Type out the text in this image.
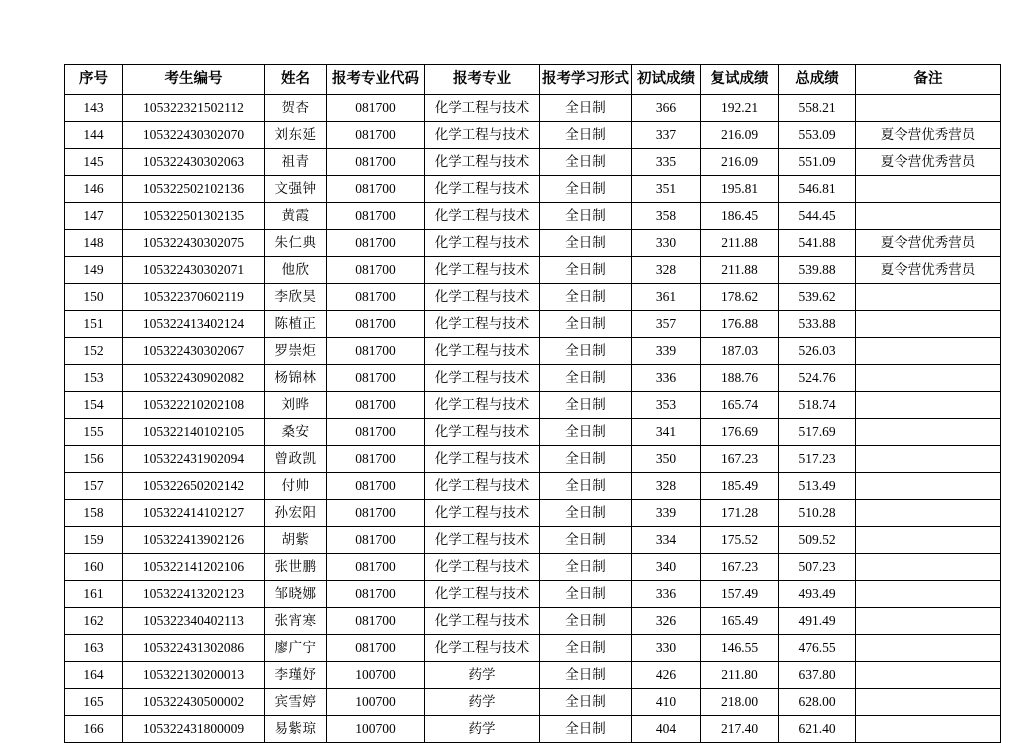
序号	考生编号	姓名	报考专业代码	报考专业	报考学习形式	初试成绩	复试成绩	总成绩	备注
143	105322321502112	贺杏	081700	化学工程与技术	全日制	366	192.21	558.21	
144	105322430302070	刘东延	081700	化学工程与技术	全日制	337	216.09	553.09	夏令营优秀营员
145	105322430302063	祖青	081700	化学工程与技术	全日制	335	216.09	551.09	夏令营优秀营员
146	105322502102136	文强钟	081700	化学工程与技术	全日制	351	195.81	546.81	
147	105322501302135	黄霞	081700	化学工程与技术	全日制	358	186.45	544.45	
148	105322430302075	朱仁典	081700	化学工程与技术	全日制	330	211.88	541.88	夏令营优秀营员
149	105322430302071	他欣	081700	化学工程与技术	全日制	328	211.88	539.88	夏令营优秀营员
150	105322370602119	李欣昊	081700	化学工程与技术	全日制	361	178.62	539.62	
151	105322413402124	陈植正	081700	化学工程与技术	全日制	357	176.88	533.88	
152	105322430302067	罗崇炬	081700	化学工程与技术	全日制	339	187.03	526.03	
153	105322430902082	杨锦林	081700	化学工程与技术	全日制	336	188.76	524.76	
154	105322210202108	刘晔	081700	化学工程与技术	全日制	353	165.74	518.74	
155	105322140102105	桑安	081700	化学工程与技术	全日制	341	176.69	517.69	
156	105322431902094	曾政凯	081700	化学工程与技术	全日制	350	167.23	517.23	
157	105322650202142	付帅	081700	化学工程与技术	全日制	328	185.49	513.49	
158	105322414102127	孙宏阳	081700	化学工程与技术	全日制	339	171.28	510.28	
159	105322413902126	胡紫	081700	化学工程与技术	全日制	334	175.52	509.52	
160	105322141202106	张世鹏	081700	化学工程与技术	全日制	340	167.23	507.23	
161	105322413202123	邹晓娜	081700	化学工程与技术	全日制	336	157.49	493.49	
162	105322340402113	张宵寒	081700	化学工程与技术	全日制	326	165.49	491.49	
163	105322431302086	廖广宁	081700	化学工程与技术	全日制	330	146.55	476.55	
164	105322130200013	李瑾妤	100700	药学	全日制	426	211.80	637.80	
165	105322430500002	宾雪婷	100700	药学	全日制	410	218.00	628.00	
166	105322431800009	易紫琼	100700	药学	全日制	404	217.40	621.40	
